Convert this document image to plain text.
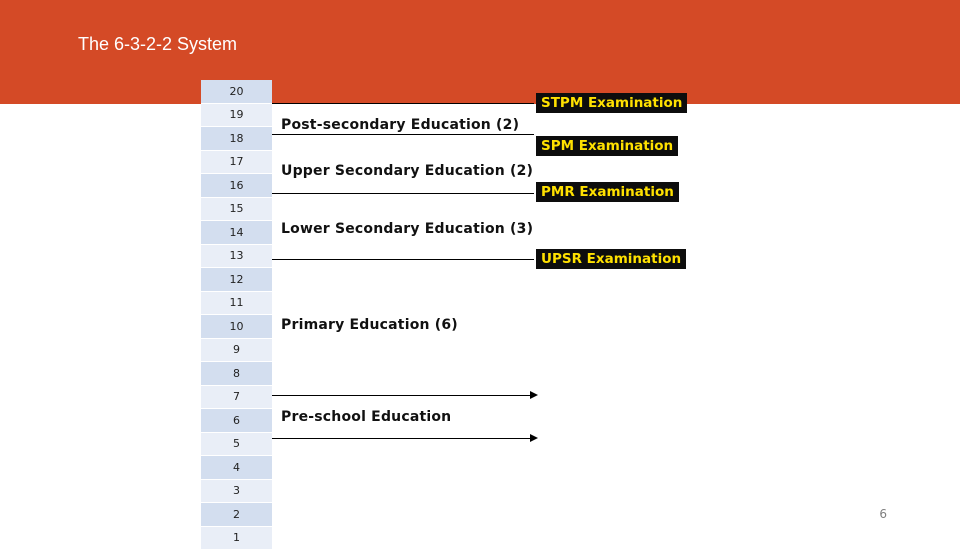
The 6-3-2-2 System
20
19
18
17
16
15
14
13
12
11
10
9
8
7
6
5
4
3
2
1
Post-secondary Education (2)
Upper Secondary Education (2)
Lower Secondary Education (3)
Primary Education (6)
Pre-school Education
STPM Examination
SPM Examination
PMR Examination
UPSR Examination
6
